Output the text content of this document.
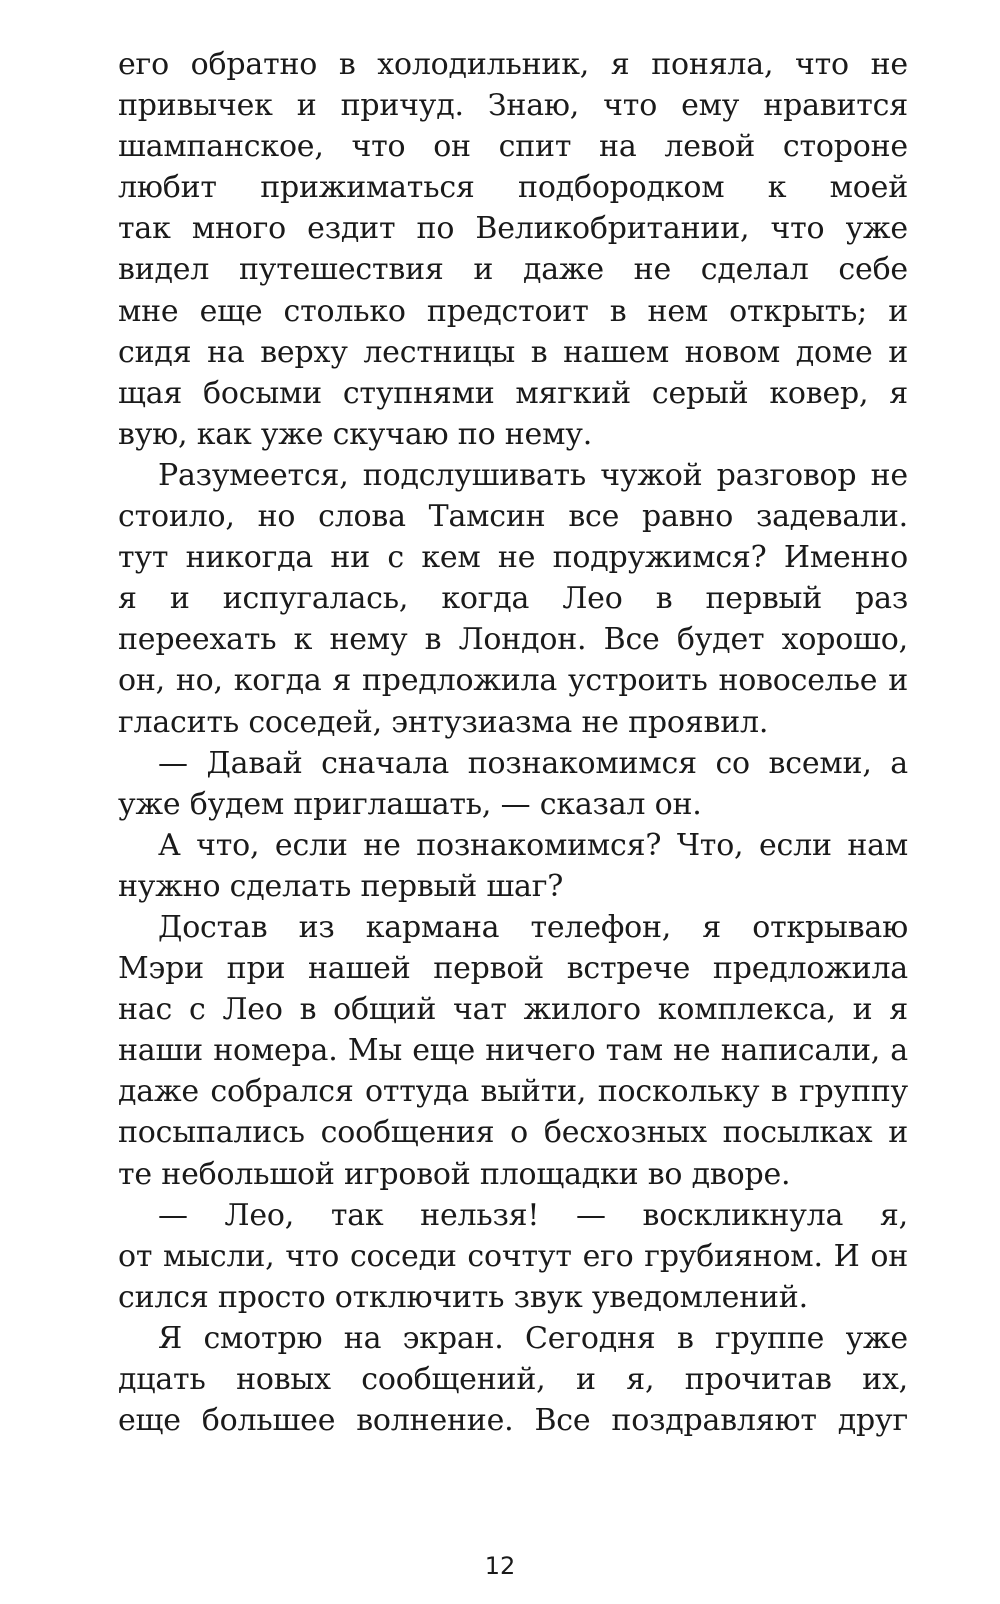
его обратно в холодильник, я поняла, что не
привычек и причуд. Знаю, что ему нравится
шампанское, что он спит на левой стороне
любит прижиматься подбородком к моей
так много ездит по Великобритании, что уже
видел путешествия и даже не сделал себе
мне еще столько предстоит в нем открыть; и
сидя на верху лестницы в нашем новом доме и
щая босыми ступнями мягкий серый ковер, я
вую, как уже скучаю по нему.
Разумеется, подслушивать чужой разговор не
стоило, но слова Тамсин все равно задевали.
тут никогда ни с кем не подружимся? Именно
я и испугалась, когда Лео в первый раз
переехать к нему в Лондон. Все будет хорошо,
он, но, когда я предложила устроить новоселье и
гласить соседей, энтузиазма не проявил.
— Давай сначала познакомимся со всеми, а
уже будем приглашать, — сказал он.
А что, если не познакомимся? Что, если нам
нужно сделать первый шаг?
Достав из кармана телефон, я открываю
Мэри при нашей первой встрече предложила
нас с Лео в общий чат жилого комплекса, и я
наши номера. Мы еще ничего там не написали, а
даже собрался оттуда выйти, поскольку в группу
посыпались сообщения о бесхозных посылках и
те небольшой игровой площадки во дворе.
— Лео, так нельзя! — воскликнула я,
от мысли, что соседи сочтут его грубияном. И он
сился просто отключить звук уведомлений.
Я смотрю на экран. Сегодня в группе уже
дцать новых сообщений, и я, прочитав их,
еще большее волнение. Все поздравляют друг
12
